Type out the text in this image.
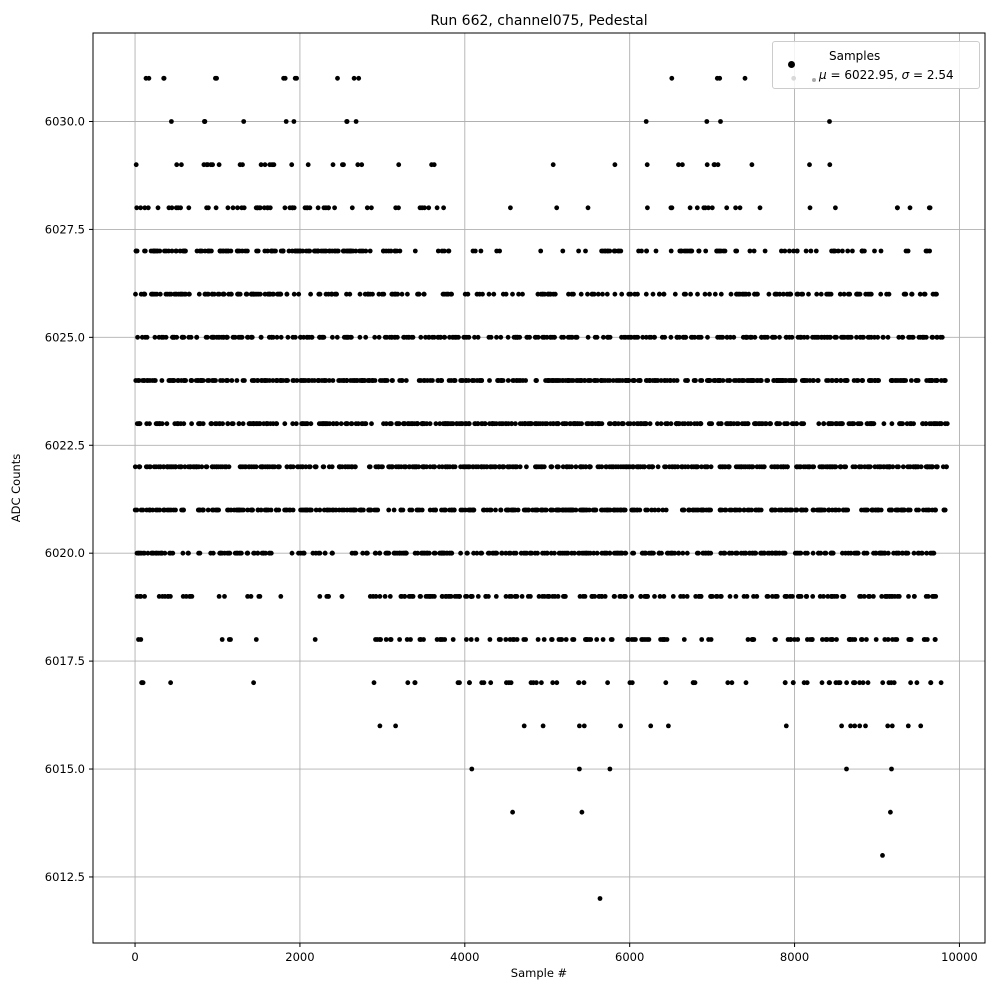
0	2000	4000	6000	8000	10000
6012.5
6015.0
6017.5
6020.0
6022.5
6025.0
6027.5
6030.0
Run 662, channel075, Pedestal
Sample #
ADC Counts
Samples
μ = 6022.95, σ = 2.54
